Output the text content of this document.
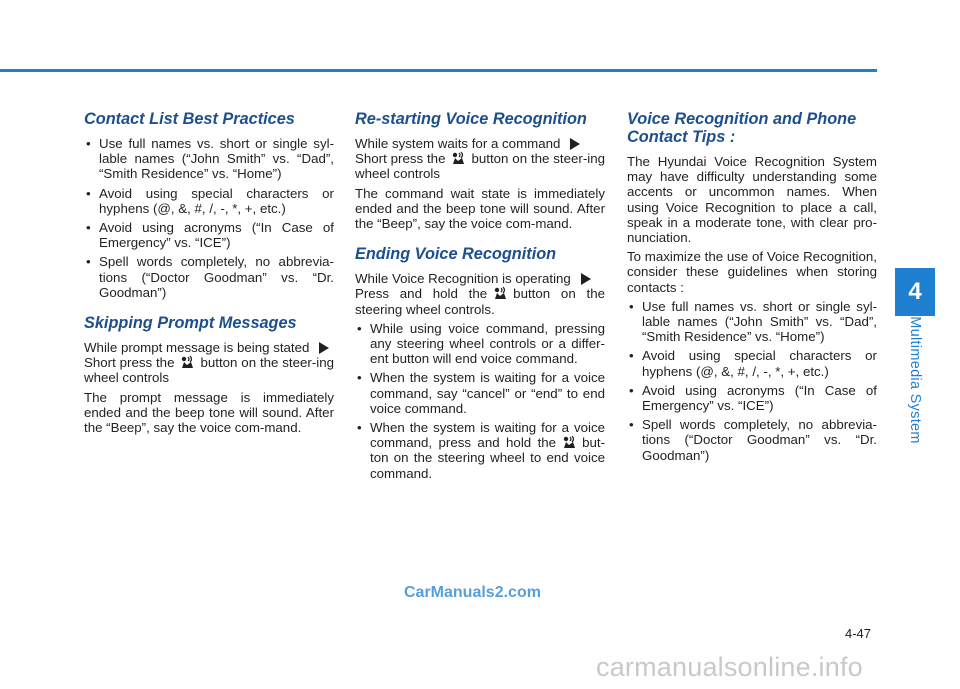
Contact List Best Practices
• Use full names vs. short or single syl-lable names (“John Smith” vs. “Dad”, “Smith Residence” vs. “Home”)
• Avoid using special characters or hyphens (@, &, #, /, -, *, +, etc.)
• Avoid using acronyms (“In Case of Emergency” vs. “ICE”)
• Spell words completely, no abbrevia-tions (“Doctor Goodman” vs. “Dr. Goodman”)
Skipping Prompt Messages

While prompt message is being stated
Short press the button on the steer-ing wheel controls

The prompt message is immediately ended and the beep tone will sound. After the “Beep”, say the voice com-mand.

Re-starting Voice Recognition

While system waits for a command
Short press the button on the steer-ing wheel controls

The command wait state is immediately ended and the beep tone will sound. After the “Beep”, say the voice com-mand.

Ending Voice Recognition

While Voice Recognition is operating
Press and hold the button on the steering wheel controls.

• While using voice command, pressing any steering wheel controls or a differ-ent button will end voice command.
• When the system is waiting for a voice command, say “cancel” or “end” to end voice command.
• When the system is waiting for a voice command, press and hold the but-ton on the steering wheel to end voice command.
Voice Recognition and Phone Contact Tips :

The Hyundai Voice Recognition System may have difficulty understanding some accents or uncommon names. When using Voice Recognition to place a call, speak in a moderate tone, with clear pro-nunciation.

To maximize the use of Voice Recognition, consider these guidelines when storing contacts :

• Use full names vs. short or single syl-lable names (“John Smith” vs. “Dad”, “Smith Residence” vs. “Home”)
• Avoid using special characters or hyphens (@, &, #, /, -, *, +, etc.)
• Avoid using acronyms (“In Case of Emergency” vs. “ICE”)
• Spell words completely, no abbrevia-tions (“Doctor Goodman” vs. “Dr. Goodman”)
4
Multimedia System
4-47
CarManuals2.com
carmanualsonline.info
